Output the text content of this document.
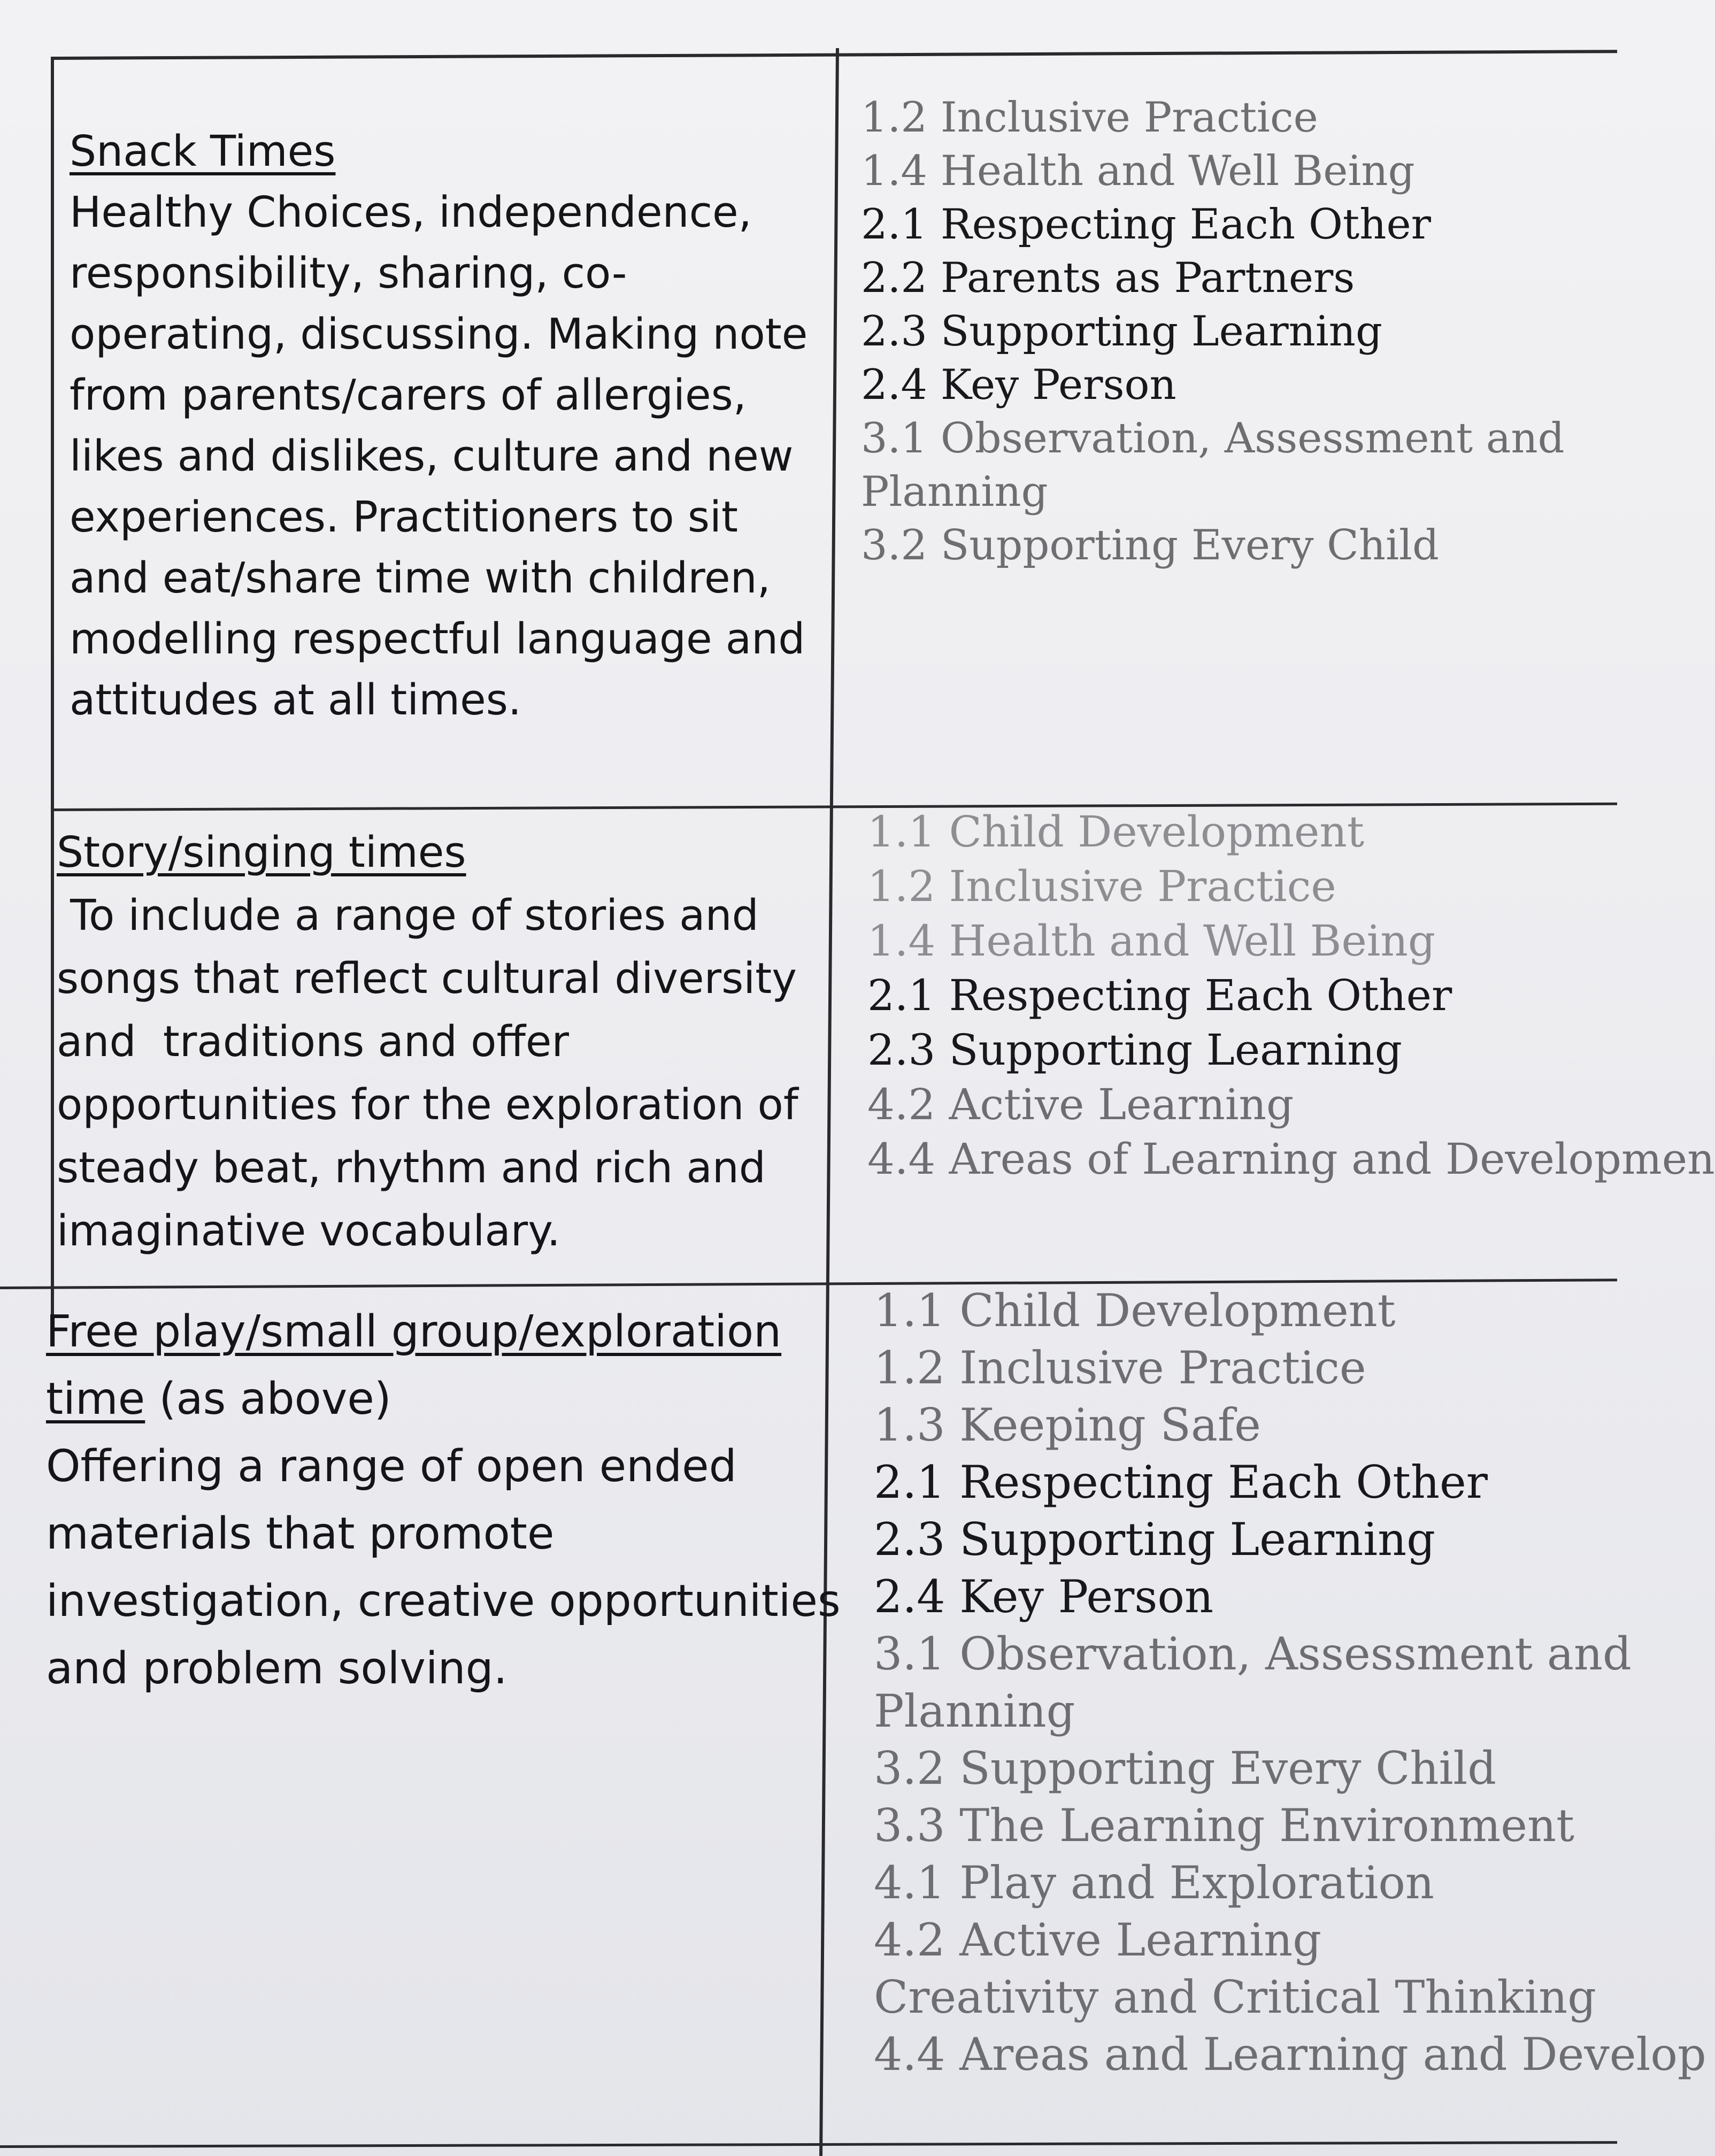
Snack Times
Healthy Choices, independence,
responsibility, sharing, co-
operating, discussing. Making note
from parents/carers of allergies,
likes and dislikes, culture and new
experiences. Practitioners to sit
and eat/share time with children,
modelling respectful language and
attitudes at all times.
1.2 Inclusive Practice
1.4 Health and Well Being
2.1 Respecting Each Other
2.2 Parents as Partners
2.3 Supporting Learning
2.4 Key Person
3.1 Observation, Assessment and
Planning
3.2 Supporting Every Child
Story/singing times
To include a range of stories and
songs that reflect cultural diversity
and  traditions and offer
opportunities for the exploration of
steady beat, rhythm and rich and
imaginative vocabulary.
1.1 Child Development
1.2 Inclusive Practice
1.4 Health and Well Being
2.1 Respecting Each Other
2.3 Supporting Learning
4.2 Active Learning
4.4 Areas of Learning and Developmen
Free play/small group/exploration
time (as above)
Offering a range of open ended
materials that promote
investigation, creative opportunities
and problem solving.
1.1 Child Development
1.2 Inclusive Practice
1.3 Keeping Safe
2.1 Respecting Each Other
2.3 Supporting Learning
2.4 Key Person
3.1 Observation, Assessment and
Planning
3.2 Supporting Every Child
3.3 The Learning Environment
4.1 Play and Exploration
4.2 Active Learning
Creativity and Critical Thinking
4.4 Areas and Learning and Develop
